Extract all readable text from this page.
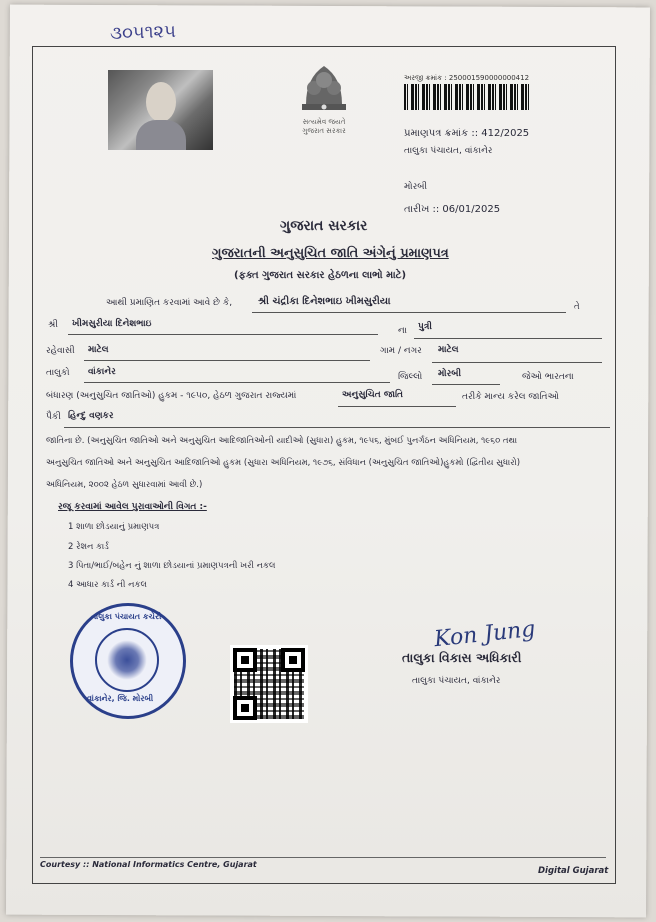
૩૦૫૧૨૫
સત્યમેવ જયતે
ગુજરાત સરકાર
અરજી ક્રમાંક : 250001590000000412
પ્રમાણપત્ર ક્રમાંક :: 412/2025
તાલુકા પંચાયત, વાંકાનેર
મોરબી
તારીખ :: 06/01/2025
ગુજરાત સરકાર
ગુજરાતની અનુસુચિત જાતિ અંગેનું પ્રમાણપત્ર
(ફક્ત ગુજરાત સરકાર હેઠળના લાભો માટે)
આથી પ્રમાણિત કરવામાં આવે છે કે,	શ્રી ચંદ્રીકા દિનેશભાઇ ખીમસુરીયા	તે
શ્રી ખીમસુરીયા દિનેશભાઇ
ના પુત્રી
રહેવાસી માટેલ	ગામ / નગર માટેલ
તાલુકો વાંકાનેર	જિલ્લો મોરબી	જેઓ ભારતના
બંધારણ (અનુસુચિત જાતિઓ) હુકમ - ૧૯૫૦, હેઠળ ગુજરાત રાજ્યમાં	અનુસુચિત જાતિ	તરીકે માન્ય કરેલ જાતિઓ
પૈકી હિન્દુ વણકર
જાતિના છે. (અનુસુચિત જાતિઓ અને અનુસુચિત આદિજાતિઓની યાદીઓ (સુધારા) હુકમ, ૧૯૫૬, મુંબઈ પુનર્ગઠન અધિનિયમ, ૧૯૬૦ તથા
અનુસુચિત જાતિઓ અને અનુસુચિત આદિજાતિઓ હુકમ (સુધારા અધિનિયમ, ૧૯૭૬, સંવિધાન (અનુસુચિત જાતિઓ)હુકમો (દ્વિતીય સુધારો)
અધિનિયમ, ૨૦૦૨ હેઠળ સુધારવામાં આવી છે.)
રજૂ કરવામાં આવેલ પુરાવાઓની વિગત :-
1 શાળા છોડયાનું પ્રમાણપત્ર
2 રેશન કાર્ડ
3 પિતા/ભાઈ/બહેન નું શાળા છોડયાનાં પ્રમાણપત્રની ખરી નકલ
4 આધાર કાર્ડ ની નકલ
તાલુકા પંચાયત કચેરી
વાંકાનેર, જિ. મોરબી
Kon Jung
તાલુકા વિકાસ અધિકારી
તાલુકા પંચાયત, વાંકાનેર
Courtesy :: National Informatics Centre, Gujarat
Digital Gujarat
